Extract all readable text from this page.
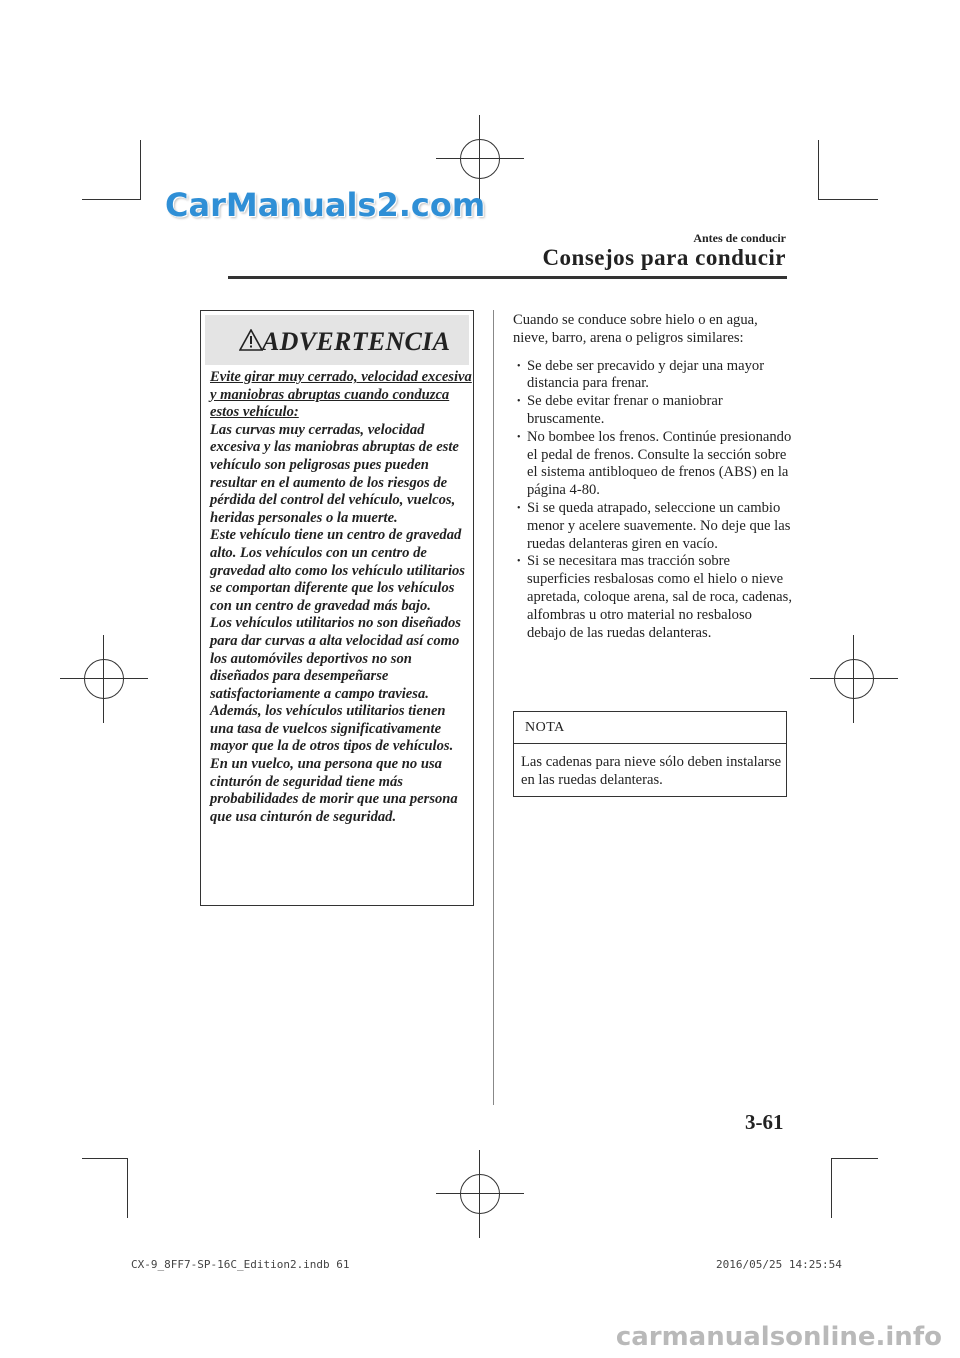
CarManuals2.com
Antes de conducir
Consejos para conducir
ADVERTENCIA

Evite girar muy cerrado, velocidad excesiva y maniobras abruptas cuando conduzca estos vehículo:

Las curvas muy cerradas, velocidad excesiva y las maniobras abruptas de este vehículo son peligrosas pues pueden resultar en el aumento de los riesgos de pérdida del control del vehículo, vuelcos, heridas personales o la muerte.

Este vehículo tiene un centro de gravedad alto. Los vehículos con un centro de gravedad alto como los vehículo utilitarios se comportan diferente que los vehículos con un centro de gravedad más bajo.

Los vehículos utilitarios no son diseñados para dar curvas a alta velocidad así como los automóviles deportivos no son diseñados para desempeñarse satisfactoriamente a campo traviesa.

Además, los vehículos utilitarios tienen una tasa de vuelcos significativamente mayor que la de otros tipos de vehículos.

En un vuelco, una persona que no usa cinturón de seguridad tiene más probabilidades de morir que una persona que usa cinturón de seguridad.

Cuando se conduce sobre hielo o en agua, nieve, barro, arena o peligros similares:

• Se debe ser precavido y dejar una mayor distancia para frenar.
• Se debe evitar frenar o maniobrar bruscamente.
• No bombee los frenos. Continúe presionando el pedal de frenos. Consulte la sección sobre el sistema antibloqueo de frenos (ABS) en la página 4-80.
• Si se queda atrapado, seleccione un cambio menor y acelere suavemente. No deje que las ruedas delanteras giren en vacío.
• Si se necesitara mas tracción sobre superficies resbalosas como el hielo o nieve apretada, coloque arena, sal de roca, cadenas, alfombras u otro material no resbaloso debajo de las ruedas delanteras.
NOTA
Las cadenas para nieve sólo deben instalarse en las ruedas delanteras.
3-61
CX-9_8FF7-SP-16C_Edition2.indb 61	2016/05/25 14:25:54
carmanualsonline.info
